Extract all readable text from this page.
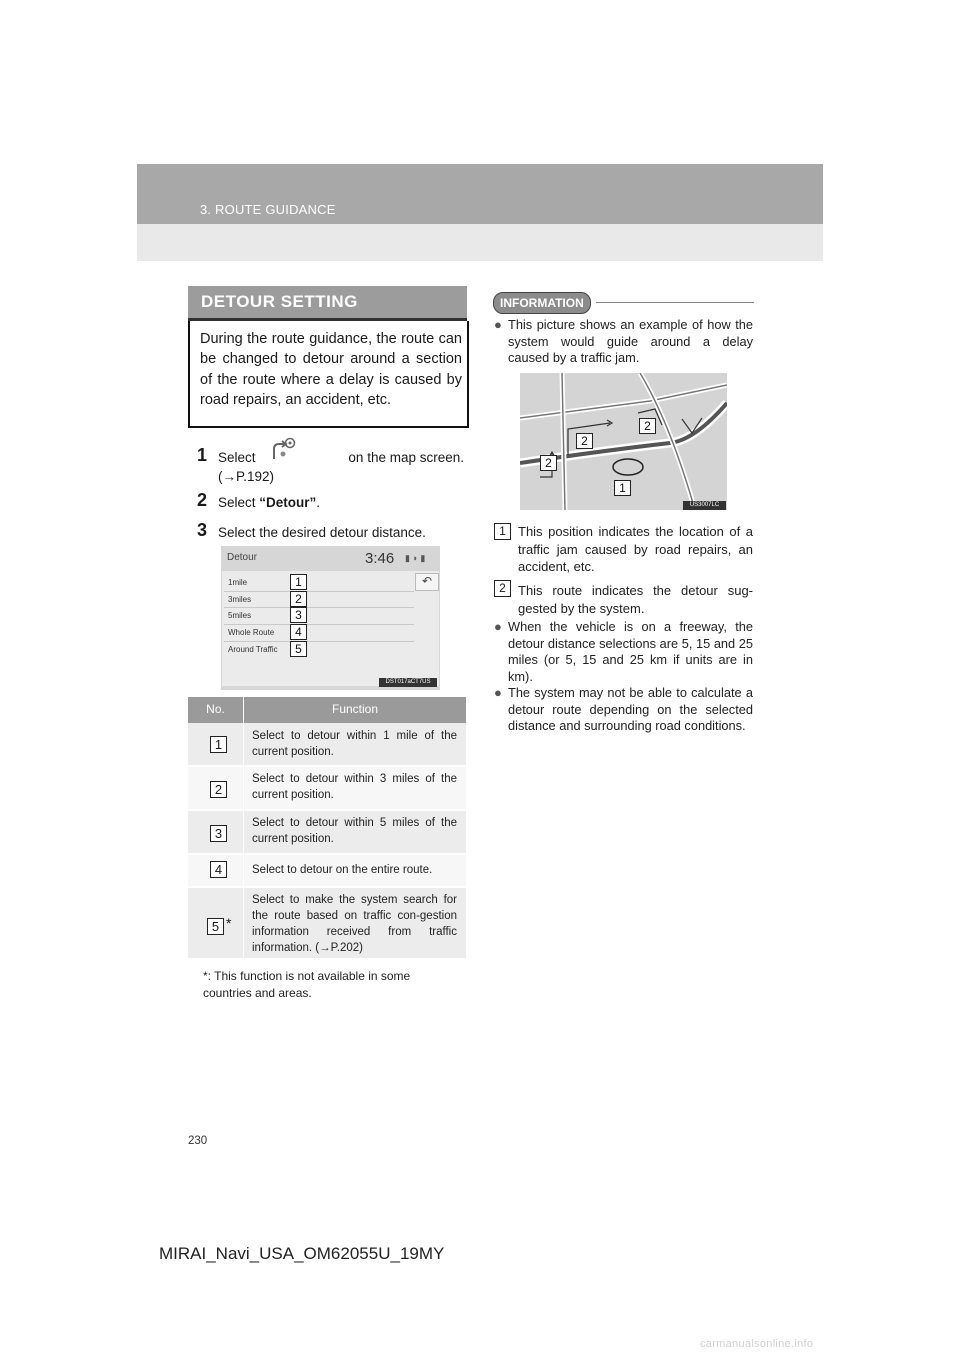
3. ROUTE GUIDANCE
DETOUR SETTING
During the route guidance, the route can be changed to detour around a section of the route where a delay is caused by road repairs, an accident, etc.
1 Select	on the map screen.
(→P.192)
2 Select “Detour”.
3 Select the desired detour distance.
Detour	3:46 ▮ ◗ ▮
↶
1mile
3miles
5miles
Whole Route
Around Traffic
1
2
3
4
5
DST017aCT7US
No.	Function
1
Select to detour within 1 mile of the current position.
2
Select to detour within 3 miles of the current position.
3
Select to detour within 5 miles of the current position.
4	Select to detour on the entire route.
5 *
Select to make the system search for the route based on traffic con-gestion information received from traffic information. (→P.202)
*: This function is not available in some countries and areas.
INFORMATION
● This picture shows an example of how the system would guide around a delay caused by a traffic jam.
2
2
2
1
US3007LC
1 This position indicates the location of a traffic jam caused by road repairs, an accident, etc.
2 This route indicates the detour sug-gested by the system.
● When the vehicle is on a freeway, the detour distance selections are 5, 15 and 25 miles (or 5, 15 and 25 km if units are in km).
● The system may not be able to calculate a detour route depending on the selected distance and surrounding road conditions.
230
MIRAI_Navi_USA_OM62055U_19MY
carmanualsonline.info
